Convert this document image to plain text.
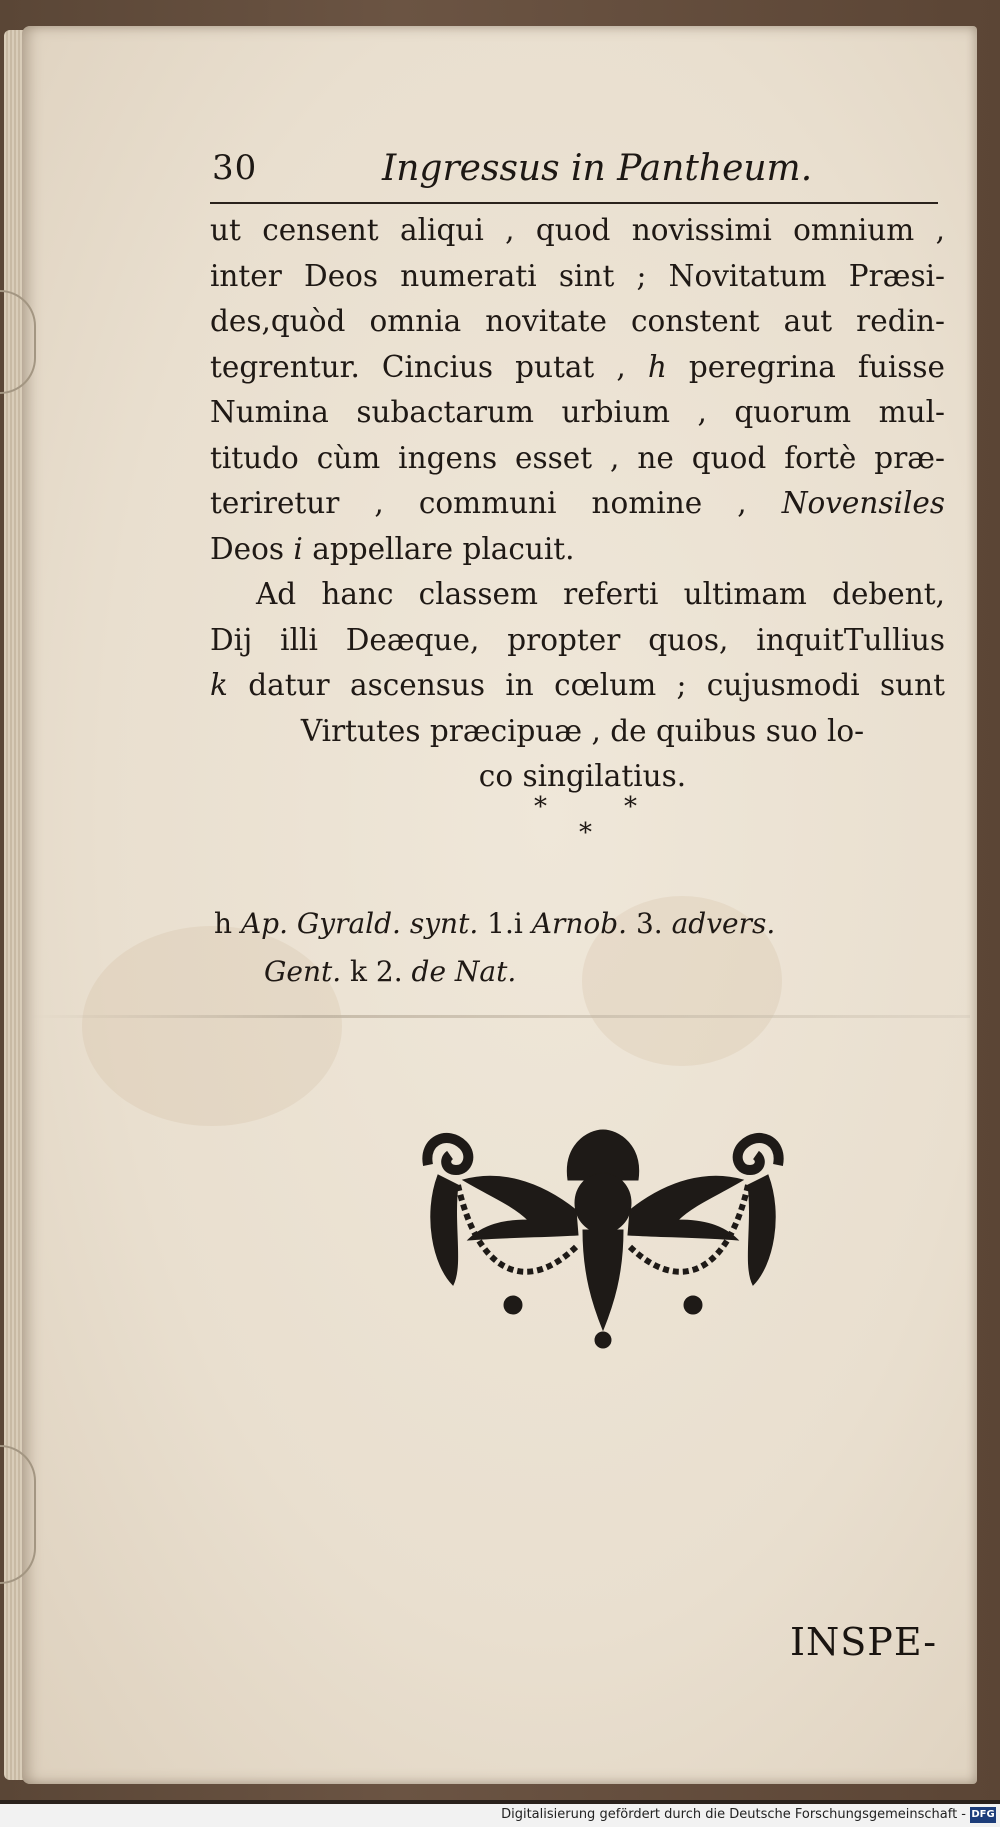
30	Ingressus in Pantheum.
ut censent aliqui , quod novissimi omnium ,
inter Deos numerati sint ; Novitatum Præsi-
des,quòd omnia novitate constent aut redin-
tegrentur. Cincius putat , h peregrina fuisse
Numina subactarum urbium , quorum mul-
titudo cùm ingens esset , ne quod fortè præ-
teriretur , communi nomine , Novensiles
Deos i appellare placuit.
Ad hanc classem referti ultimam debent,
Dij illi Deæque, propter quos, inquitTullius
k datur ascensus in cœlum ; cujusmodi sunt
Virtutes præcipuæ , de quibus suo lo-
co singilatius.
*	*
*
h Ap. Gyrald. synt. 1.i Arnob. 3. advers.
Gent. k 2. de Nat.
INSPE-
Digitalisierung gefördert durch die Deutsche Forschungsgemeinschaft - DFG
